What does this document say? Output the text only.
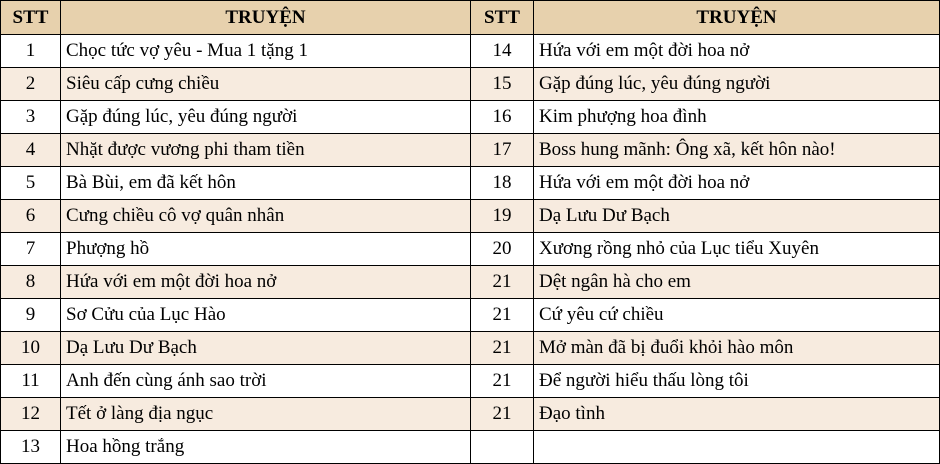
STT	TRUYỆN	STT	TRUYỆN
1	Chọc tức vợ yêu - Mua 1 tặng 1	14	Hứa với em một đời hoa nở
2	Siêu cấp cưng chiều	15	Gặp đúng lúc, yêu đúng người
3	Gặp đúng lúc, yêu đúng người	16	Kim phượng hoa đình
4	Nhặt được vương phi tham tiền	17	Boss hung mãnh: Ông xã, kết hôn nào!
5	Bà Bùi, em đã kết hôn	18	Hứa với em một đời hoa nở
6	Cưng chiều cô vợ quân nhân	19	Dạ Lưu Dư Bạch
7	Phượng hồ	20	Xương rồng nhỏ của Lục tiểu Xuyên
8	Hứa với em một đời hoa nở	21	Dệt ngân hà cho em
9	Sơ Cửu của Lục Hào	21	Cứ yêu cứ chiều
10	Dạ Lưu Dư Bạch	21	Mở màn đã bị đuổi khỏi hào môn
11	Anh đến cùng ánh sao trời	21	Để người hiểu thấu lòng tôi
12	Tết ở làng địa ngục	21	Đạo tình
13	Hoa hồng trắng		
